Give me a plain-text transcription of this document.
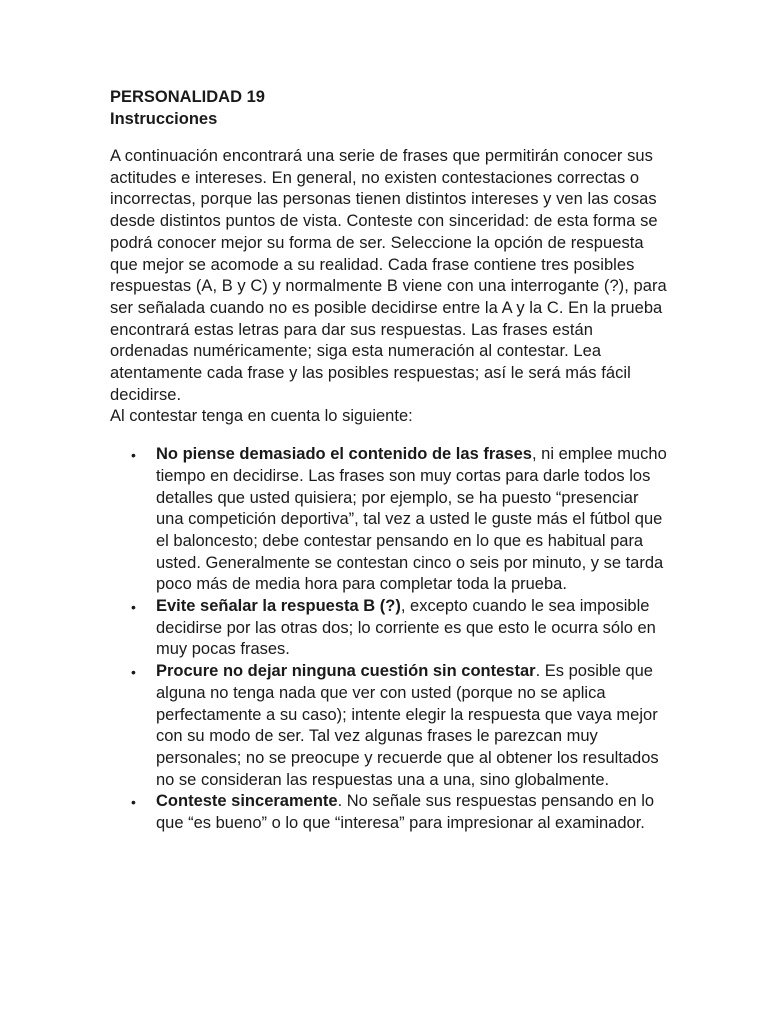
PERSONALIDAD 19

Instrucciones

A continuación encontrará una serie de frases que permitirán conocer sus actitudes e intereses. En general, no existen contestaciones correctas o incorrectas, porque las personas tienen distintos intereses y ven las cosas desde distintos puntos de vista. Conteste con sinceridad: de esta forma se podrá conocer mejor su forma de ser. Seleccione la opción de respuesta que mejor se acomode a su realidad. Cada frase contiene tres posibles respuestas (A, B y C) y normalmente B viene con una interrogante (?), para ser señalada cuando no es posible decidirse entre la A y la C. En la prueba encontrará estas letras para dar sus respuestas. Las frases están ordenadas numéricamente; siga esta numeración al contestar. Lea atentamente cada frase y las posibles respuestas; así le será más fácil decidirse.

Al contestar tenga en cuenta lo siguiente:

• No piense demasiado el contenido de las frases, ni emplee mucho tiempo en decidirse. Las frases son muy cortas para darle todos los detalles que usted quisiera; por ejemplo, se ha puesto “presenciar una competición deportiva”, tal vez a usted le guste más el fútbol que el baloncesto; debe contestar pensando en lo que es habitual para usted. Generalmente se contestan cinco o seis por minuto, y se tarda poco más de media hora para completar toda la prueba.
• Evite señalar la respuesta B (?), excepto cuando le sea imposible decidirse por las otras dos; lo corriente es que esto le ocurra sólo en muy pocas frases.
• Procure no dejar ninguna cuestión sin contestar. Es posible que alguna no tenga nada que ver con usted (porque no se aplica perfectamente a su caso); intente elegir la respuesta que vaya mejor con su modo de ser. Tal vez algunas frases le parezcan muy personales; no se preocupe y recuerde que al obtener los resultados no se consideran las respuestas una a una, sino globalmente.
• Conteste sinceramente. No señale sus respuestas pensando en lo que “es bueno” o lo que “interesa” para impresionar al examinador.
